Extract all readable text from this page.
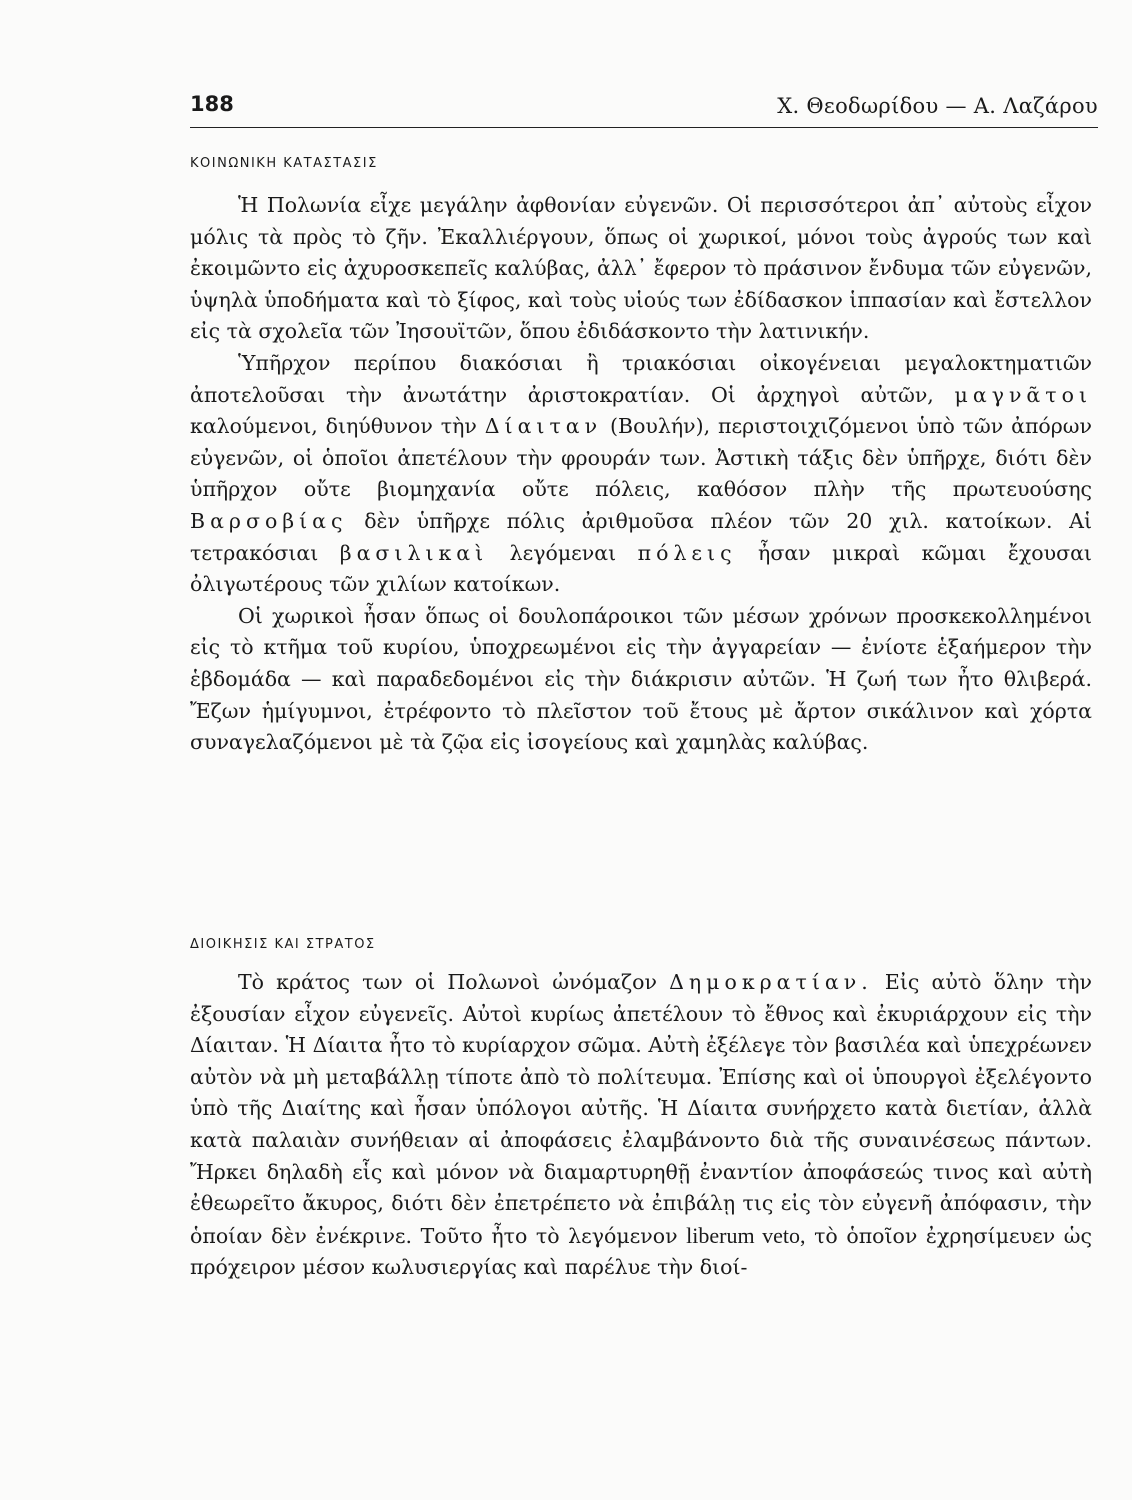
188	Χ. Θεοδωρίδου — Α. Λαζάρου
ΚΟΙΝΩΝΙΚΗ ΚΑΤΑΣΤΑΣΙΣ

Ἡ Πολωνία εἶχε μεγάλην ἀφθονίαν εὐγενῶν. Οἱ περισσότεροι ἀπ᾿ αὐτοὺς εἶχον μόλις τὰ πρὸς τὸ ζῆν. Ἐκαλλιέργουν, ὅπως οἱ χωρικοί, μόνοι τοὺς ἀγρούς των καὶ ἐκοιμῶντο εἰς ἀχυροσκεπεῖς καλύβας, ἀλλ᾿ ἔφερον τὸ πράσινον ἔνδυμα τῶν εὐγενῶν, ὑψηλὰ ὑποδήματα καὶ τὸ ξίφος, καὶ τοὺς υἱούς των ἐδίδασκον ἱππασίαν καὶ ἔστελλον εἰς τὰ σχολεῖα τῶν Ἰησουϊτῶν, ὅπου ἐδιδάσκοντο τὴν λατινικήν.

Ὑπῆρχον περίπου διακόσιαι ἢ τριακόσιαι οἰκογένειαι μεγαλοκτηματιῶν ἀποτελοῦσαι τὴν ἀνωτάτην ἀριστοκρατίαν. Οἱ ἀρχηγοὶ αὐτῶν, μαγνᾶτοι καλούμενοι, διηύθυνον τὴν Δίαιταν (Βουλήν), περιστοιχιζόμενοι ὑπὸ τῶν ἀπόρων εὐγενῶν, οἱ ὁποῖοι ἀπετέλουν τὴν φρουράν των. Ἀστικὴ τάξις δὲν ὑπῆρχε, διότι δὲν ὑπῆρχον οὔτε βιομηχανία οὔτε πόλεις, καθόσον πλὴν τῆς πρωτευούσης Βαρσοβίας δὲν ὑπῆρχε πόλις ἀριθμοῦσα πλέον τῶν 20 χιλ. κατοίκων. Αἱ τετρακόσιαι βασιλικαὶ λεγόμεναι πόλεις ἦσαν μικραὶ κῶμαι ἔχουσαι ὀλιγωτέρους τῶν χιλίων κατοίκων.

Οἱ χωρικοὶ ἦσαν ὅπως οἱ δουλοπάροικοι τῶν μέσων χρόνων προσκεκολλημένοι εἰς τὸ κτῆμα τοῦ κυρίου, ὑποχρεωμένοι εἰς τὴν ἀγγαρείαν — ἐνίοτε ἑξαήμερον τὴν ἑβδομάδα — καὶ παραδεδομένοι εἰς τὴν διάκρισιν αὐτῶν. Ἡ ζωή των ἦτο θλιβερά. Ἔζων ἡμίγυμνοι, ἐτρέφοντο τὸ πλεῖστον τοῦ ἔτους μὲ ἄρτον σικάλινον καὶ χόρτα συναγελαζόμενοι μὲ τὰ ζῷα εἰς ἰσογείους καὶ χαμηλὰς καλύβας.

ΔΙΟΙΚΗΣΙΣ ΚΑΙ ΣΤΡΑΤΟΣ

Τὸ κράτος των οἱ Πολωνοὶ ὠνόμαζον Δημοκρατίαν. Εἰς αὐτὸ ὅλην τὴν ἐξουσίαν εἶχον εὐγενεῖς. Αὐτοὶ κυρίως ἀπετέλουν τὸ ἔθνος καὶ ἐκυριάρχουν εἰς τὴν Δίαιταν. Ἡ Δίαιτα ἦτο τὸ κυρίαρχον σῶμα. Αὐτὴ ἐξέλεγε τὸν βασιλέα καὶ ὑπεχρέωνεν αὐτὸν νὰ μὴ μεταβάλλῃ τίποτε ἀπὸ τὸ πολίτευμα. Ἐπίσης καὶ οἱ ὑπουργοὶ ἐξελέγοντο ὑπὸ τῆς Διαίτης καὶ ἦσαν ὑπόλογοι αὐτῆς. Ἡ Δίαιτα συνήρχετο κατὰ διετίαν, ἀλλὰ κατὰ παλαιὰν συνήθειαν αἱ ἀποφάσεις ἐλαμβάνοντο διὰ τῆς συναινέσεως πάντων. Ἤρκει δηλαδὴ εἷς καὶ μόνον νὰ διαμαρτυρηθῇ ἐναντίον ἀποφάσεώς τινος καὶ αὐτὴ ἐθεωρεῖτο ἄκυρος, διότι δὲν ἐπετρέπετο νὰ ἐπιβάλῃ τις εἰς τὸν εὐγενῆ ἀπόφασιν, τὴν ὁποίαν δὲν ἐνέκρινε. Τοῦτο ἦτο τὸ λεγόμενον liberum veto, τὸ ὁποῖον ἐχρησίμευεν ὡς πρόχειρον μέσον κωλυσιεργίας καὶ παρέλυε τὴν διοί-
